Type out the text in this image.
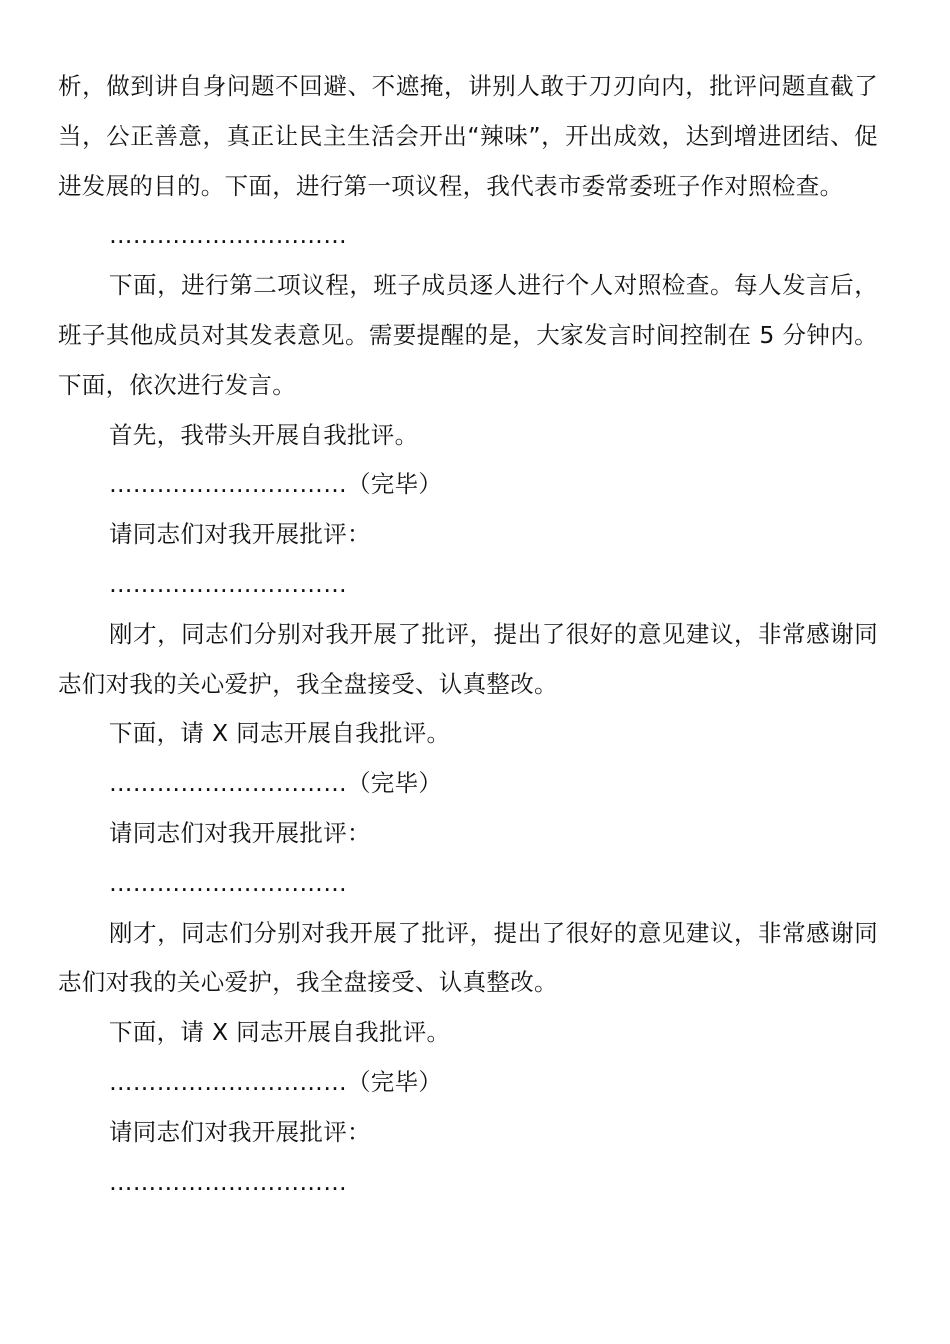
析，做到讲自身问题不回避、不遮掩，讲别人敢于刀刃向内，批评问题直截了当，公正善意，真正让民主生活会开出“辣味”，开出成效，达到增进团结、促进发展的目的。下面，进行第一项议程，我代表市委常委班子作对照检查。

…………………………

下面，进行第二项议程，班子成员逐人进行个人对照检查。每人发言后，班子其他成员对其发表意见。需要提醒的是，大家发言时间控制在 5 分钟内。下面，依次进行发言。

首先，我带头开展自我批评。

…………………………（完毕）

请同志们对我开展批评：

…………………………

刚才，同志们分别对我开展了批评，提出了很好的意见建议，非常感谢同志们对我的关心爱护，我全盘接受、认真整改。

下面，请 X 同志开展自我批评。

…………………………（完毕）

请同志们对我开展批评：

…………………………

刚才，同志们分别对我开展了批评，提出了很好的意见建议，非常感谢同志们对我的关心爱护，我全盘接受、认真整改。

下面，请 X 同志开展自我批评。

…………………………（完毕）

请同志们对我开展批评：

…………………………
